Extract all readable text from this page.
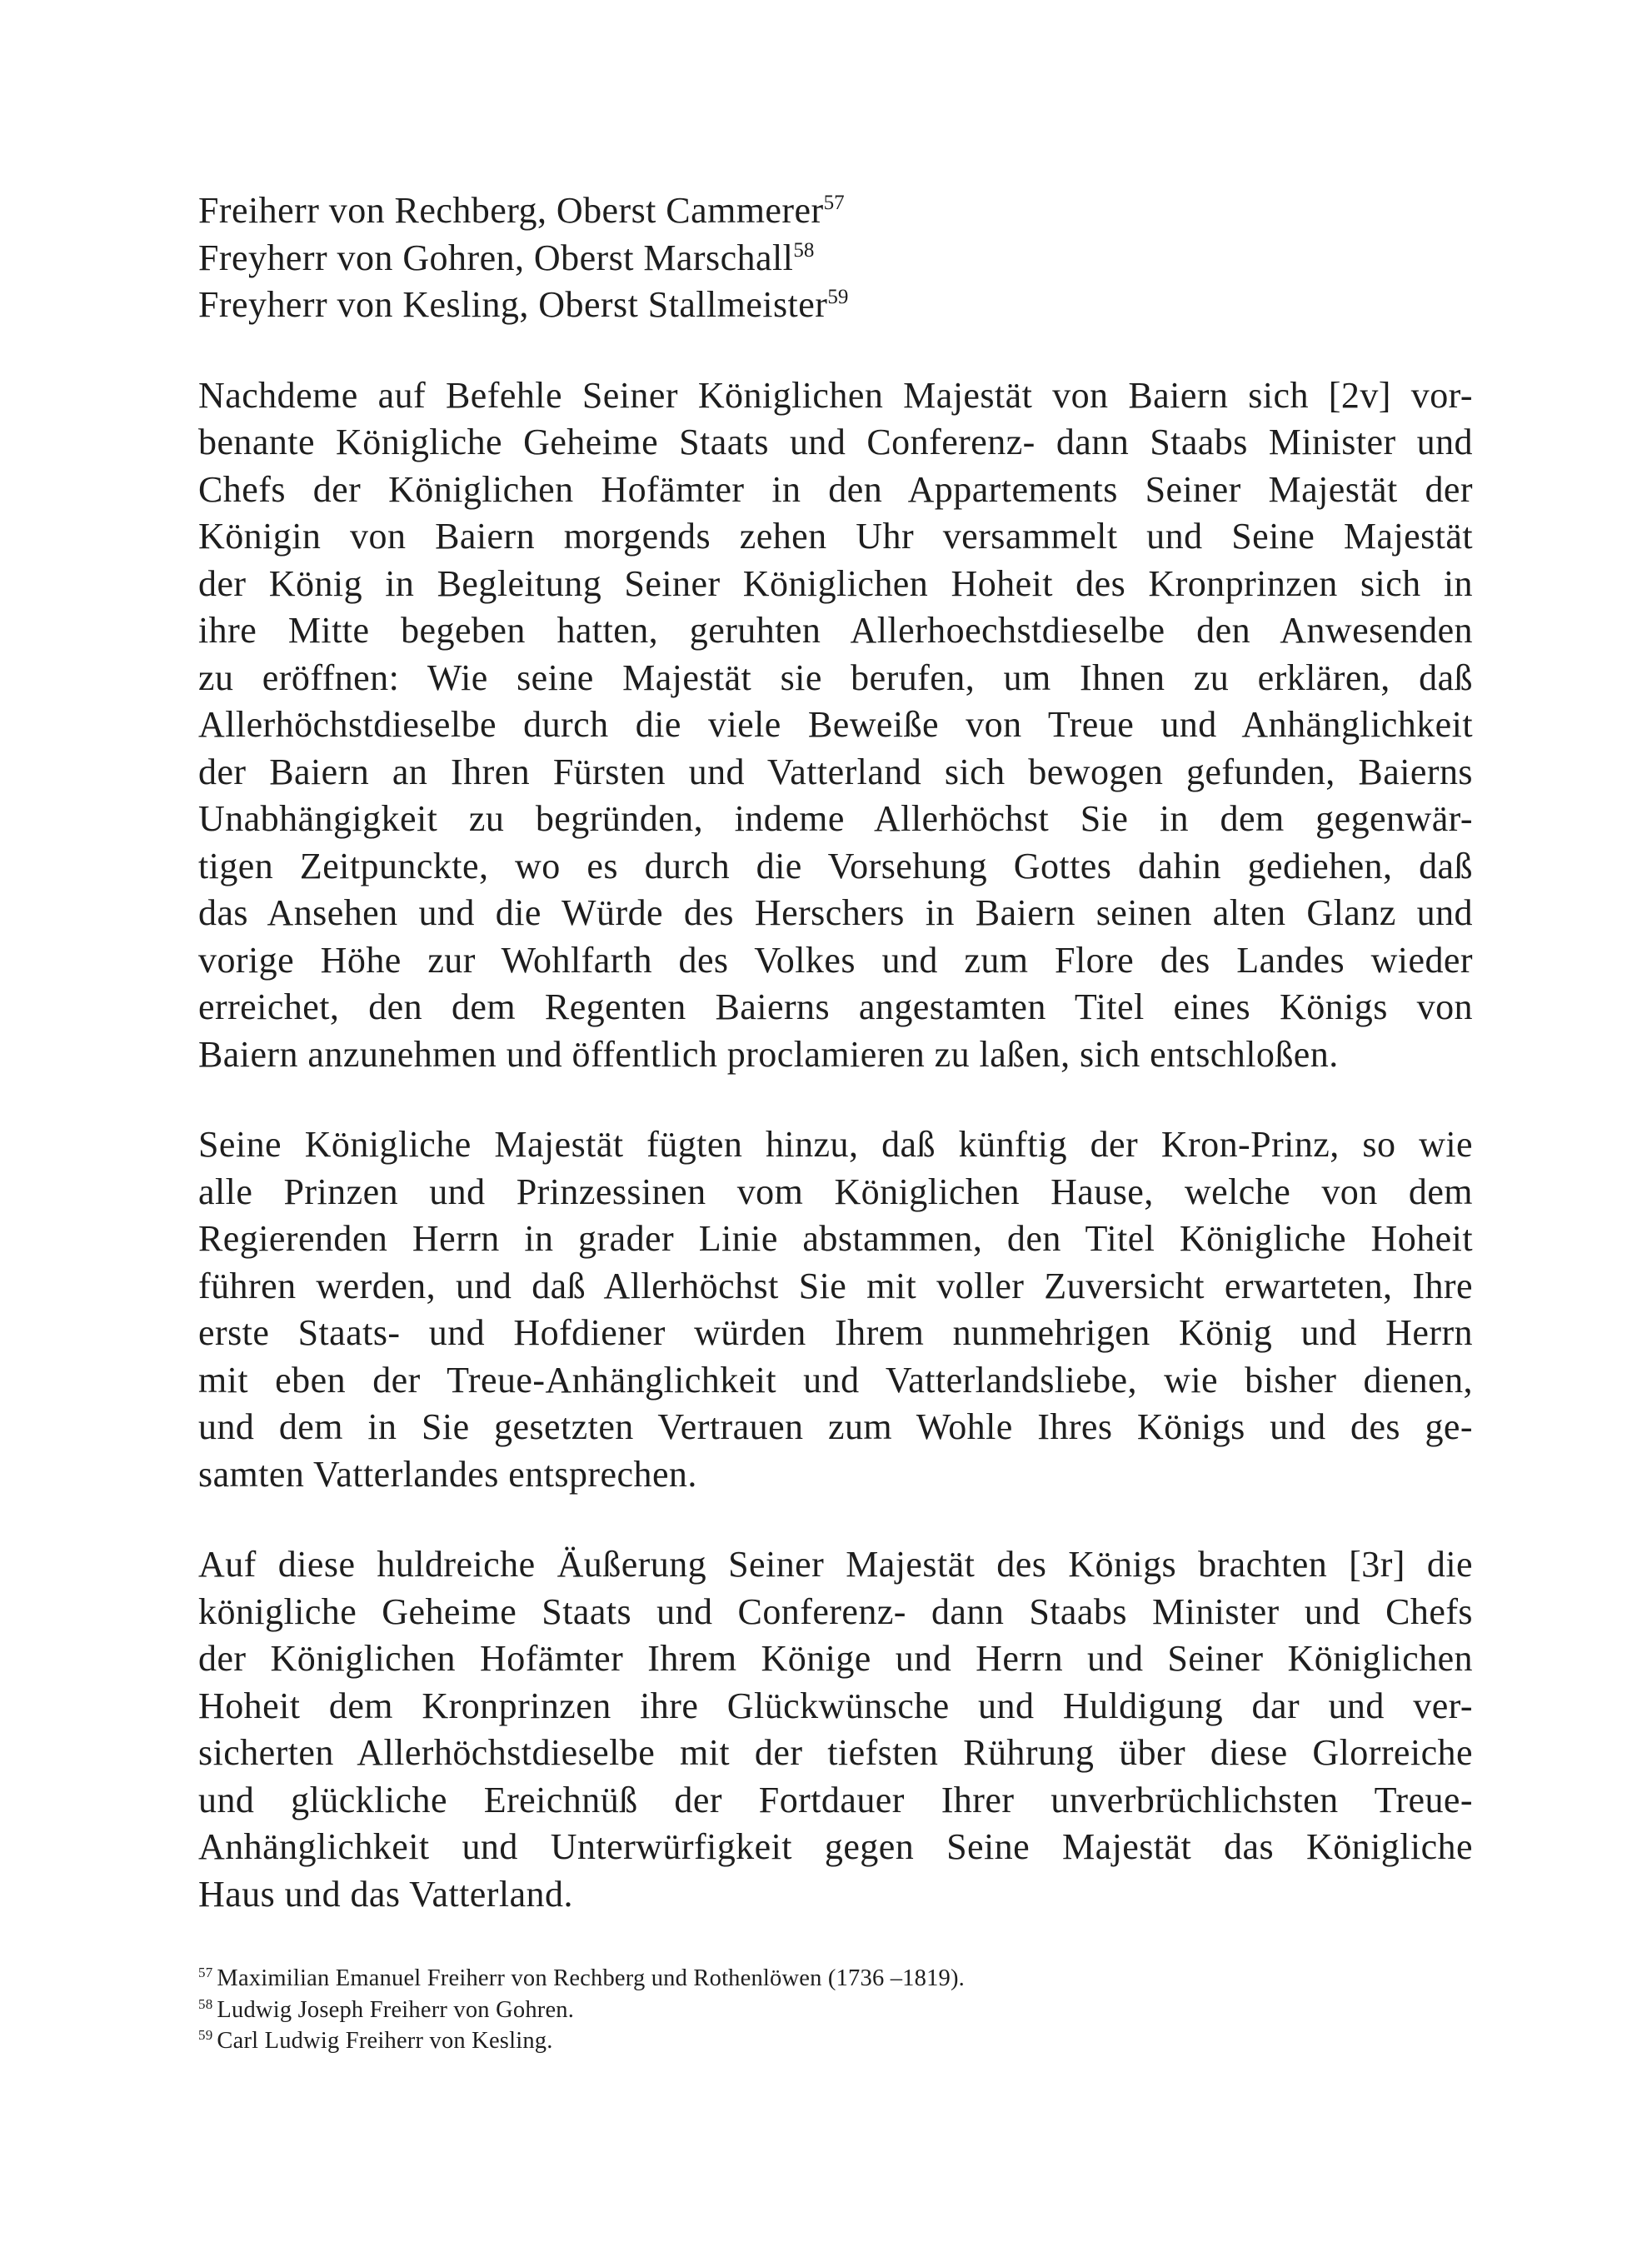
Freiherr von Rechberg, Oberst Cammerer$^{57}$
Freyherr von Gohren, Oberst Marschall$^{58}$
Freyherr von Kesling, Oberst Stallmeister$^{59}$
Nachdeme auf Befehle Seiner Königlichen Majestät von Baiern sich [2v] vor-
benante Königliche Geheime Staats und Conferenz- dann Staabs Minister und
Chefs der Königlichen Hofämter in den Appartements Seiner Majestät der
Königin von Baiern morgends zehen Uhr versammelt und Seine Majestät
der König in Begleitung Seiner Königlichen Hoheit des Kronprinzen sich in
ihre Mitte begeben hatten, geruhten Allerhoechstdieselbe den Anwesenden
zu eröffnen: Wie seine Majestät sie berufen, um Ihnen zu erklären, daß
Allerhöchstdieselbe durch die viele Beweiße von Treue und Anhänglichkeit
der Baiern an Ihren Fürsten und Vatterland sich bewogen gefunden, Baierns
Unabhängigkeit zu begründen, indeme Allerhöchst Sie in dem gegenwär-
tigen Zeitpunckte, wo es durch die Vorsehung Gottes dahin gediehen, daß
das Ansehen und die Würde des Herschers in Baiern seinen alten Glanz und
vorige Höhe zur Wohlfarth des Volkes und zum Flore des Landes wieder
erreichet, den dem Regenten Baierns angestamten Titel eines Königs von
Baiern anzunehmen und öffentlich proclamieren zu laßen, sich entschloßen.
Seine Königliche Majestät fügten hinzu, daß künftig der Kron-Prinz, so wie
alle Prinzen und Prinzessinen vom Königlichen Hause, welche von dem
Regierenden Herrn in grader Linie abstammen, den Titel Königliche Hoheit
führen werden, und daß Allerhöchst Sie mit voller Zuversicht erwarteten, Ihre
erste Staats- und Hofdiener würden Ihrem nunmehrigen König und Herrn
mit eben der Treue-Anhänglichkeit und Vatterlandsliebe, wie bisher dienen,
und dem in Sie gesetzten Vertrauen zum Wohle Ihres Königs und des ge-
samten Vatterlandes entsprechen.
Auf diese huldreiche Äußerung Seiner Majestät des Königs brachten [3r] die
königliche Geheime Staats und Conferenz- dann Staabs Minister und Chefs
der Königlichen Hofämter Ihrem Könige und Herrn und Seiner Königlichen
Hoheit dem Kronprinzen ihre Glückwünsche und Huldigung dar und ver-
sicherten Allerhöchstdieselbe mit der tiefsten Rührung über diese Glorreiche
und glückliche Ereichnüß der Fortdauer Ihrer unverbrüchlichsten Treue-
Anhänglichkeit und Unterwürfigkeit gegen Seine Majestät das Königliche
Haus und das Vatterland.
$^{57}$ Maximilian Emanuel Freiherr von Rechberg und Rothenlöwen (1736 –1819).
$^{58}$ Ludwig Joseph Freiherr von Gohren.
$^{59}$ Carl Ludwig Freiherr von Kesling.
